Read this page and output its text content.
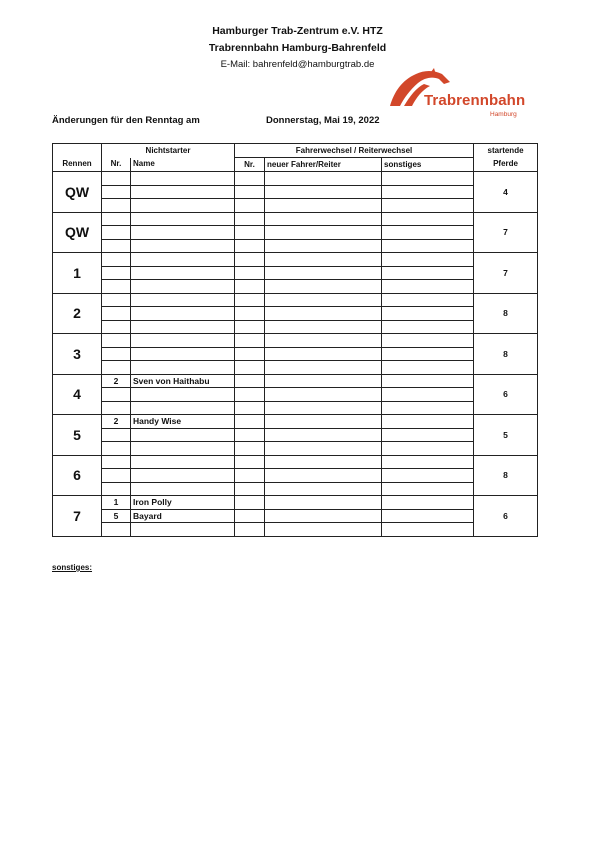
Hamburger Trab-Zentrum e.V. HTZ
Trabrennbahn Hamburg-Bahrenfeld
E-Mail: bahrenfeld@hamburgtrab.de
Trabrennbahn
Hamburg
Änderungen für den Renntag am	Donnerstag, Mai 19, 2022
	Nichtstarter		Fahrerwechsel / Reiterwechsel			startende
Rennen	Nr.	Name	Nr.	neuer Fahrer/Reiter	sonstiges	Pferde
QW						4

QW						7

1						7

2						8

3						8

4	2	Sven von Haithabu				6

5	2	Handy Wise				5

6						8

7	1	Iron Polly				6
	5	Bayard				

sonstiges:
